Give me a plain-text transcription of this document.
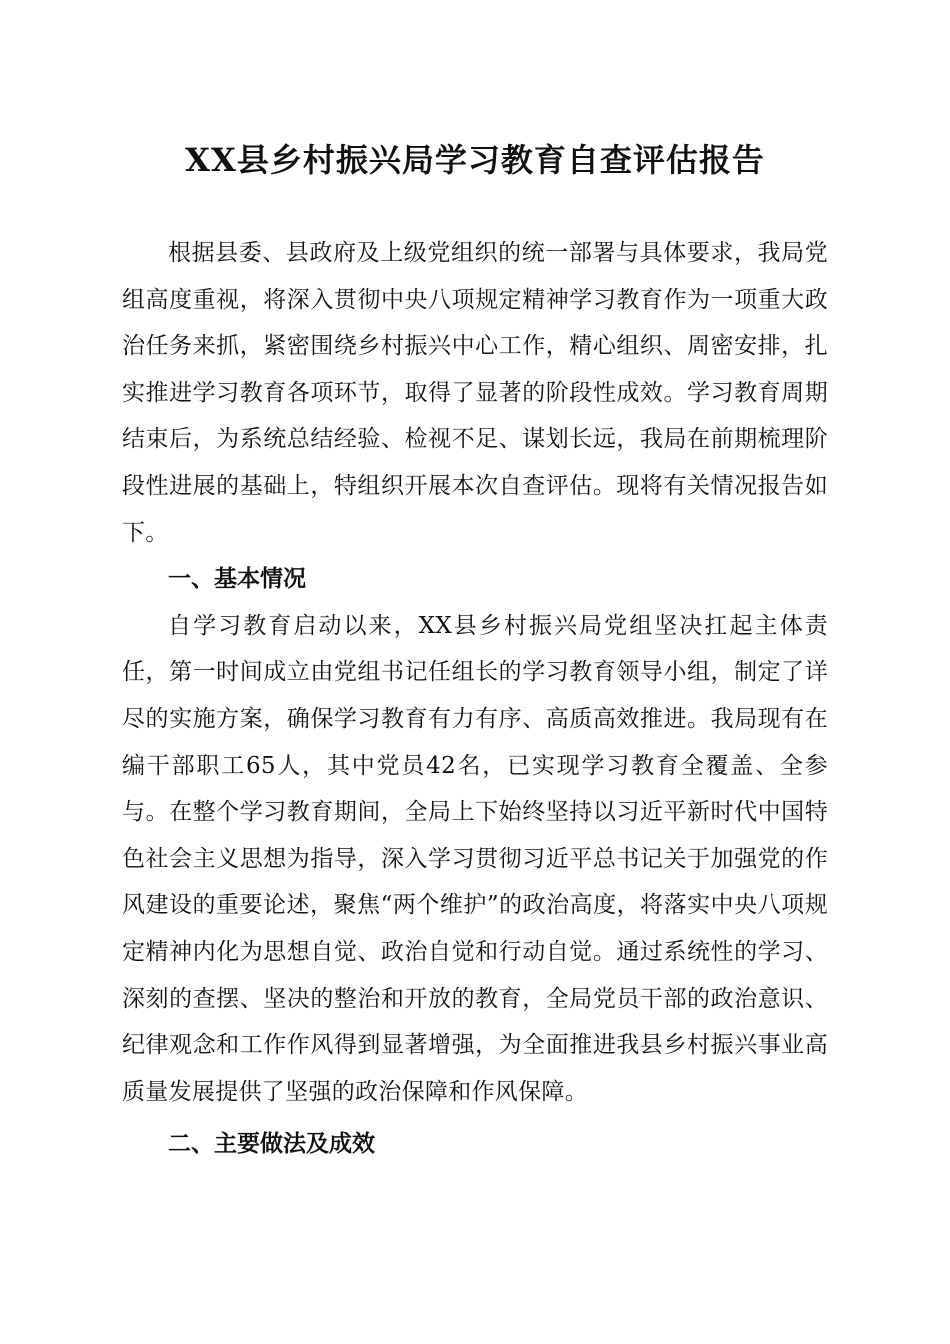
XX县乡村振兴局学习教育自查评估报告

根据县委、县政府及上级党组织的统一部署与具体要求，我局党组高度重视，将深入贯彻中央八项规定精神学习教育作为一项重大政治任务来抓，紧密围绕乡村振兴中心工作，精心组织、周密安排，扎实推进学习教育各项环节，取得了显著的阶段性成效。学习教育周期结束后，为系统总结经验、检视不足、谋划长远，我局在前期梳理阶段性进展的基础上，特组织开展本次自查评估。现将有关情况报告如下。

一、基本情况

自学习教育启动以来，XX县乡村振兴局党组坚决扛起主体责任，第一时间成立由党组书记任组长的学习教育领导小组，制定了详尽的实施方案，确保学习教育有力有序、高质高效推进。我局现有在编干部职工65人，其中党员42名，已实现学习教育全覆盖、全参与。在整个学习教育期间，全局上下始终坚持以习近平新时代中国特色社会主义思想为指导，深入学习贯彻习近平总书记关于加强党的作风建设的重要论述，聚焦“两个维护”的政治高度，将落实中央八项规定精神内化为思想自觉、政治自觉和行动自觉。通过系统性的学习、深刻的查摆、坚决的整治和开放的教育，全局党员干部的政治意识、纪律观念和工作作风得到显著增强，为全面推进我县乡村振兴事业高质量发展提供了坚强的政治保障和作风保障。

二、主要做法及成效
